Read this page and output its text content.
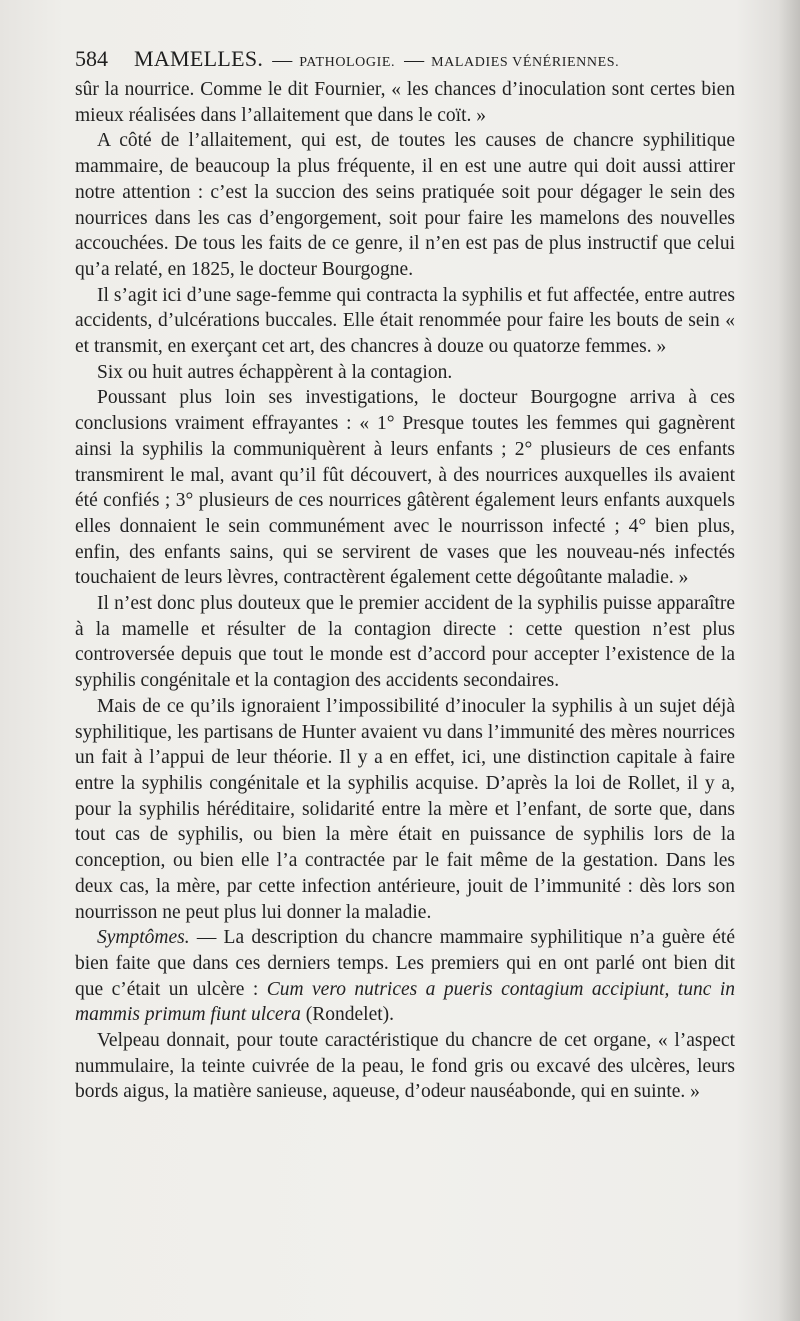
584 MAMELLES. — PATHOLOGIE. — MALADIES VÉNÉRIENNES.

sûr la nourrice. Comme le dit Fournier, « les chances d’inoculation sont certes bien mieux réalisées dans l’allaitement que dans le coït. »

A côté de l’allaitement, qui est, de toutes les causes de chancre syphilitique mammaire, de beaucoup la plus fréquente, il en est une autre qui doit aussi attirer notre attention : c’est la succion des seins pratiquée soit pour dégager le sein des nourrices dans les cas d’engorgement, soit pour faire les mamelons des nouvelles accouchées. De tous les faits de ce genre, il n’en est pas de plus instructif que celui qu’a relaté, en 1825, le docteur Bourgogne.

Il s’agit ici d’une sage-femme qui contracta la syphilis et fut affectée, entre autres accidents, d’ulcérations buccales. Elle était renommée pour faire les bouts de sein « et transmit, en exerçant cet art, des chancres à douze ou quatorze femmes. »

Six ou huit autres échappèrent à la contagion.

Poussant plus loin ses investigations, le docteur Bourgogne arriva à ces conclusions vraiment effrayantes : « 1° Presque toutes les femmes qui gagnèrent ainsi la syphilis la communiquèrent à leurs enfants ; 2° plusieurs de ces enfants transmirent le mal, avant qu’il fût découvert, à des nourrices auxquelles ils avaient été confiés ; 3° plusieurs de ces nourrices gâtèrent également leurs enfants auxquels elles donnaient le sein communément avec le nourrisson infecté ; 4° bien plus, enfin, des enfants sains, qui se servirent de vases que les nouveau-nés infectés touchaient de leurs lèvres, contractèrent également cette dégoûtante maladie. »

Il n’est donc plus douteux que le premier accident de la syphilis puisse apparaître à la mamelle et résulter de la contagion directe : cette question n’est plus controversée depuis que tout le monde est d’accord pour accepter l’existence de la syphilis congénitale et la contagion des accidents secondaires.

Mais de ce qu’ils ignoraient l’impossibilité d’inoculer la syphilis à un sujet déjà syphilitique, les partisans de Hunter avaient vu dans l’immunité des mères nourrices un fait à l’appui de leur théorie. Il y a en effet, ici, une distinction capitale à faire entre la syphilis congénitale et la syphilis acquise. D’après la loi de Rollet, il y a, pour la syphilis héréditaire, solidarité entre la mère et l’enfant, de sorte que, dans tout cas de syphilis, ou bien la mère était en puissance de syphilis lors de la conception, ou bien elle l’a contractée par le fait même de la gestation. Dans les deux cas, la mère, par cette infection antérieure, jouit de l’immunité : dès lors son nourrisson ne peut plus lui donner la maladie.

Symptômes. — La description du chancre mammaire syphilitique n’a guère été bien faite que dans ces derniers temps. Les premiers qui en ont parlé ont bien dit que c’était un ulcère : Cum vero nutrices a pueris contagium accipiunt, tunc in mammis primum fiunt ulcera (Rondelet).

Velpeau donnait, pour toute caractéristique du chancre de cet organe, « l’aspect nummulaire, la teinte cuivrée de la peau, le fond gris ou excavé des ulcères, leurs bords aigus, la matière sanieuse, aqueuse, d’odeur nauséabonde, qui en suinte. »
